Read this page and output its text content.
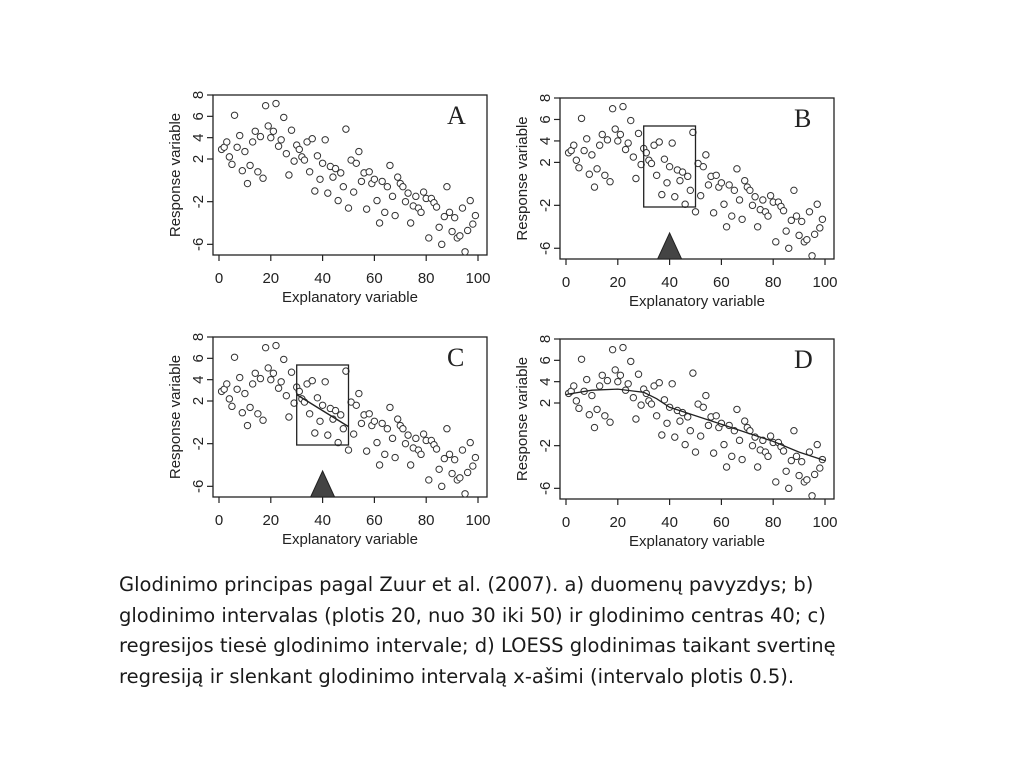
0	20 40 60 80 100
-6
-2
2
4
6
8
Explanatory variable
Response variable	A
0	20 40 60 80 100
-6
-2
2
4
6
8
Explanatory variable
Response variable	B
0	20 40 60 80 100
-6
-2
2
4
6
8
Explanatory variable
Response variable	C
0	20 40 60 80 100
-6
-2
2
4
6
8
Explanatory variable
Response variable	D

Glodinimo principas pagal Zuur et al. (2007). a) duomenų pavyzdys; b) glodinimo intervalas (plotis 20, nuo 30 iki 50) ir glodinimo centras 40; c) regresijos tiesė glodinimo intervale; d) LOESS glodinimas taikant svertinę regresiją ir slenkant glodinimo intervalą x-ašimi (intervalo plotis 0.5).
